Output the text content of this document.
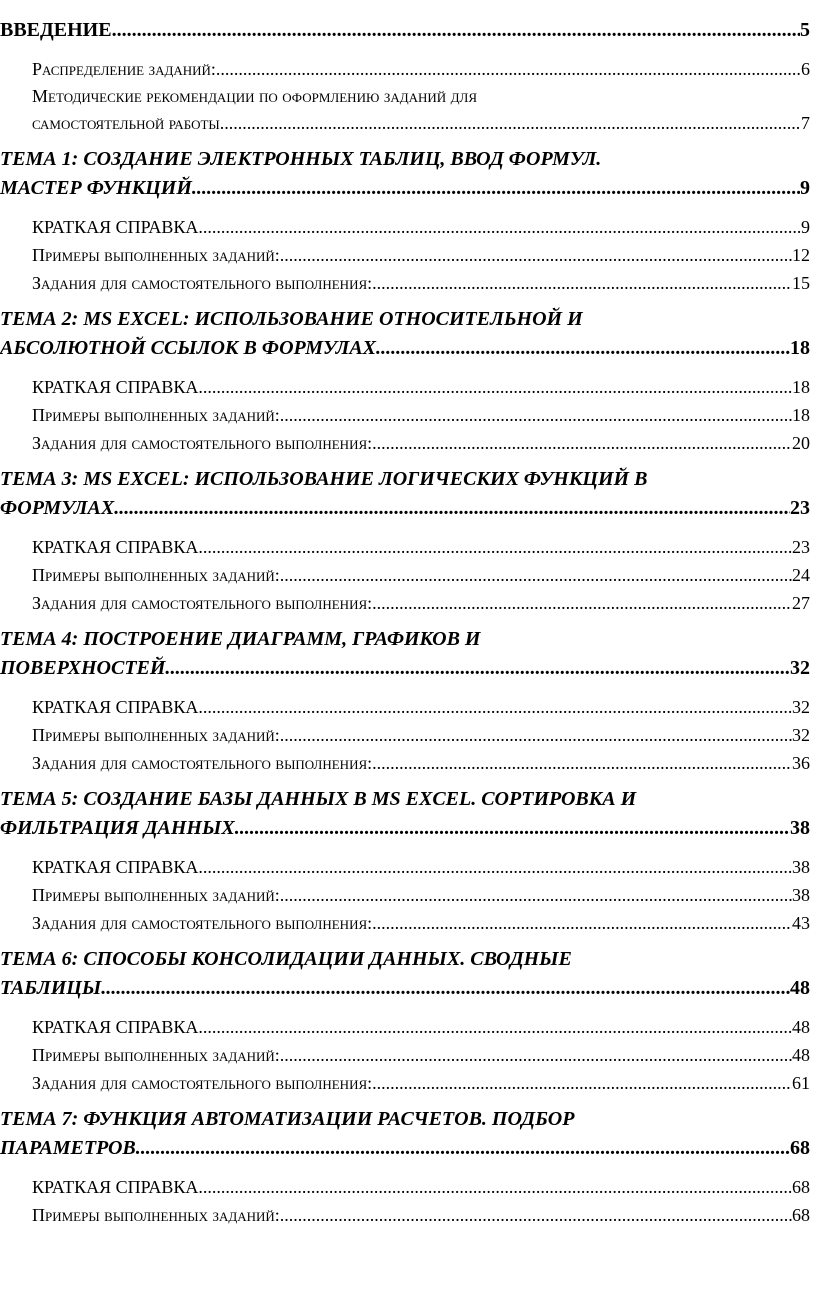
ВВЕДЕНИЕ .....	5
Распределение заданий: .....	6
Методические рекомендации по оформлению заданий для
самостоятельной работы .....	7
ТЕМА 1: СОЗДАНИЕ ЭЛЕКТРОННЫХ ТАБЛИЦ, ВВОД ФОРМУЛ.
МАСТЕР ФУНКЦИЙ. .....	9
КРАТКАЯ СПРАВКА .....	9
Примеры выполненных заданий: .....	12
Задания для самостоятельного выполнения: .....	15
ТЕМА 2: MS EXCEL: ИСПОЛЬЗОВАНИЕ ОТНОСИТЕЛЬНОЙ И
АБСОЛЮТНОЙ ССЫЛОК В ФОРМУЛАХ. .....	18
КРАТКАЯ СПРАВКА .....	18
Примеры выполненных заданий: .....	18
Задания для самостоятельного выполнения: .....	20
ТЕМА 3: MS EXCEL: ИСПОЛЬЗОВАНИЕ ЛОГИЧЕСКИХ ФУНКЦИЙ В
ФОРМУЛАХ. .....	23
КРАТКАЯ СПРАВКА .....	23
Примеры выполненных заданий: .....	24
Задания для самостоятельного выполнения: .....	27
ТЕМА 4: ПОСТРОЕНИЕ ДИАГРАММ, ГРАФИКОВ И
ПОВЕРХНОСТЕЙ. .....	32
КРАТКАЯ СПРАВКА .....	32
Примеры выполненных заданий: .....	32
Задания для самостоятельного выполнения: .....	36
ТЕМА 5: СОЗДАНИЕ БАЗЫ ДАННЫХ В MS EXCEL. СОРТИРОВКА И
ФИЛЬТРАЦИЯ ДАННЫХ. .....	38
КРАТКАЯ СПРАВКА .....	38
Примеры выполненных заданий: .....	38
Задания для самостоятельного выполнения: .....	43
ТЕМА 6: СПОСОБЫ КОНСОЛИДАЦИИ ДАННЫХ. СВОДНЫЕ
ТАБЛИЦЫ. .....	48
КРАТКАЯ СПРАВКА .....	48
Примеры выполненных заданий: .....	48
Задания для самостоятельного выполнения: .....	61
ТЕМА 7: ФУНКЦИЯ АВТОМАТИЗАЦИИ РАСЧЕТОВ. ПОДБОР
ПАРАМЕТРОВ. .....	68
КРАТКАЯ СПРАВКА .....	68
Примеры выполненных заданий: .....	68
